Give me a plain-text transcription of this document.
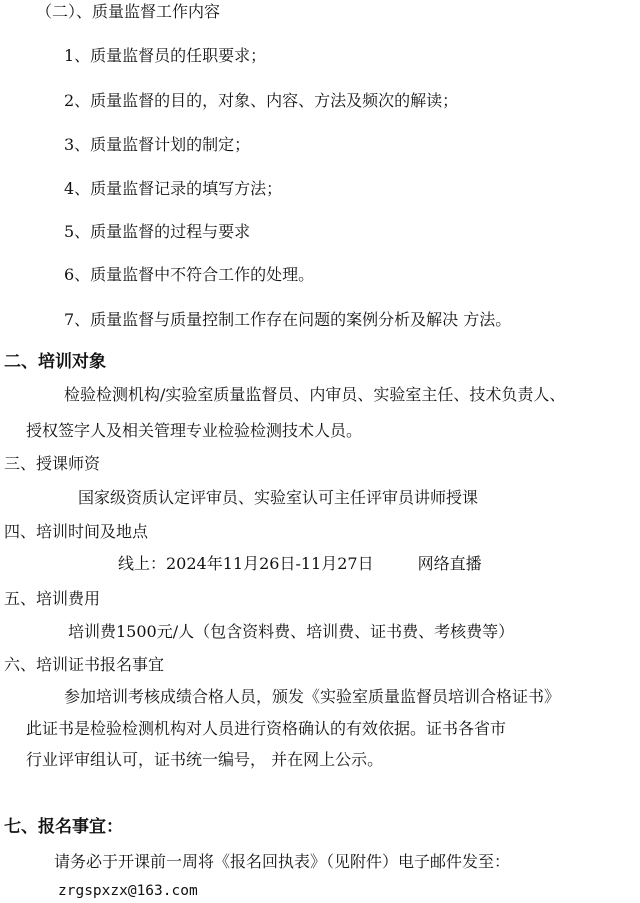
（二）、质量监督工作内容
1、质量监督员的任职要求；
2、质量监督的目的，对象、内容、方法及频次的解读；
3、质量监督计划的制定；
4、质量监督记录的填写方法；
5、质量监督的过程与要求
6、质量监督中不符合工作的处理。
7、质量监督与质量控制工作存在问题的案例分析及解决 方法。
二、培训对象
检验检测机构/实验室质量监督员、内审员、实验室主任、技术负责人、
授权签字人及相关管理专业检验检测技术人员。
三、授课师资
国家级资质认定评审员、实验室认可主任评审员讲师授课
四、培训时间及地点
线上：2024年11月26日-11月27日	网络直播
五、培训费用
培训费1500元/人（包含资料费、培训费、证书费、考核费等）
六、培训证书报名事宜
参加培训考核成绩合格人员，颁发《实验室质量监督员培训合格证书》
此证书是检验检测机构对人员进行资格确认的有效依据。证书各省市
行业评审组认可，证书统一编号， 并在网上公示。
七、报名事宜：
请务必于开课前一周将《报名回执表》（见附件）电子邮件发至：
zrgspxzx@163.com
